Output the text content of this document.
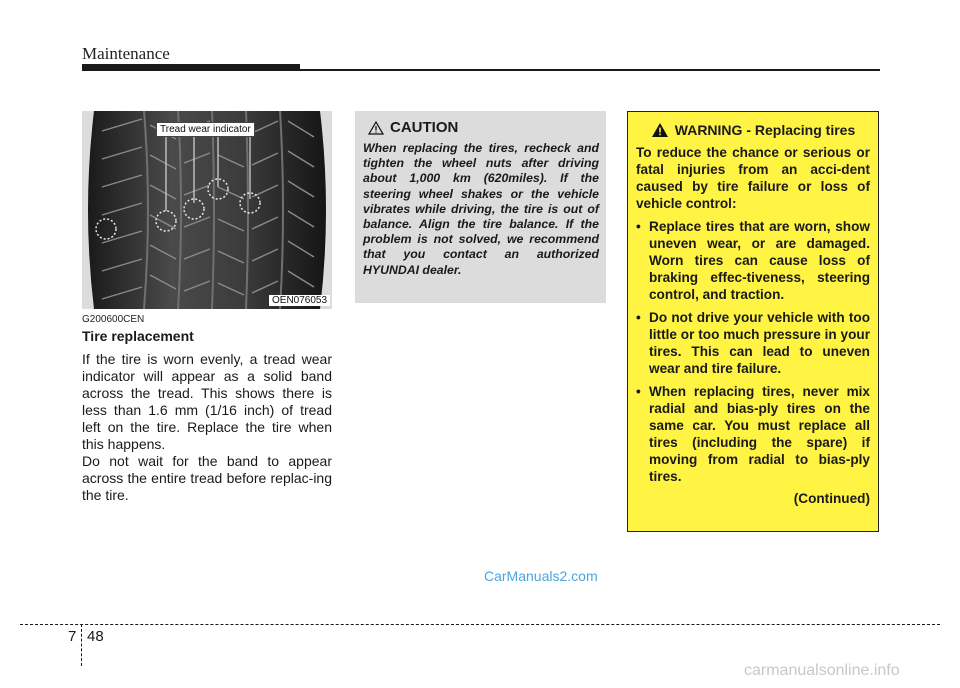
Maintenance
Tread wear indicator
OEN076053
G200600CEN
Tire replacement

If the tire is worn evenly, a tread wear indicator will appear as a solid band across the tread. This shows there is less than 1.6 mm (1/16 inch) of tread left on the tire. Replace the tire when this happens.

Do not wait for the band to appear across the entire tread before replac-ing the tire.

CAUTION

When replacing the tires, recheck and tighten the wheel nuts after driving about 1,000 km (620miles). If the steering wheel shakes or the vehicle vibrates while driving, the tire is out of balance. Align the tire balance. If the problem is not solved, we recommend that you contact an authorized HYUNDAI dealer.

WARNING - Replacing tires

To reduce the chance or serious or fatal injuries from an acci-dent caused by tire failure or loss of vehicle control:

• Replace tires that are worn, show uneven wear, or are damaged. Worn tires can cause loss of braking effec-tiveness, steering control, and traction.
• Do not drive your vehicle with too little or too much pressure in your tires. This can lead to uneven wear and tire failure.
• When replacing tires, never mix radial and bias-ply tires on the same car. You must replace all tires (including the spare) if moving from radial to bias-ply tires.
(Continued)
CarManuals2.com
7 48
carmanualsonline.info
